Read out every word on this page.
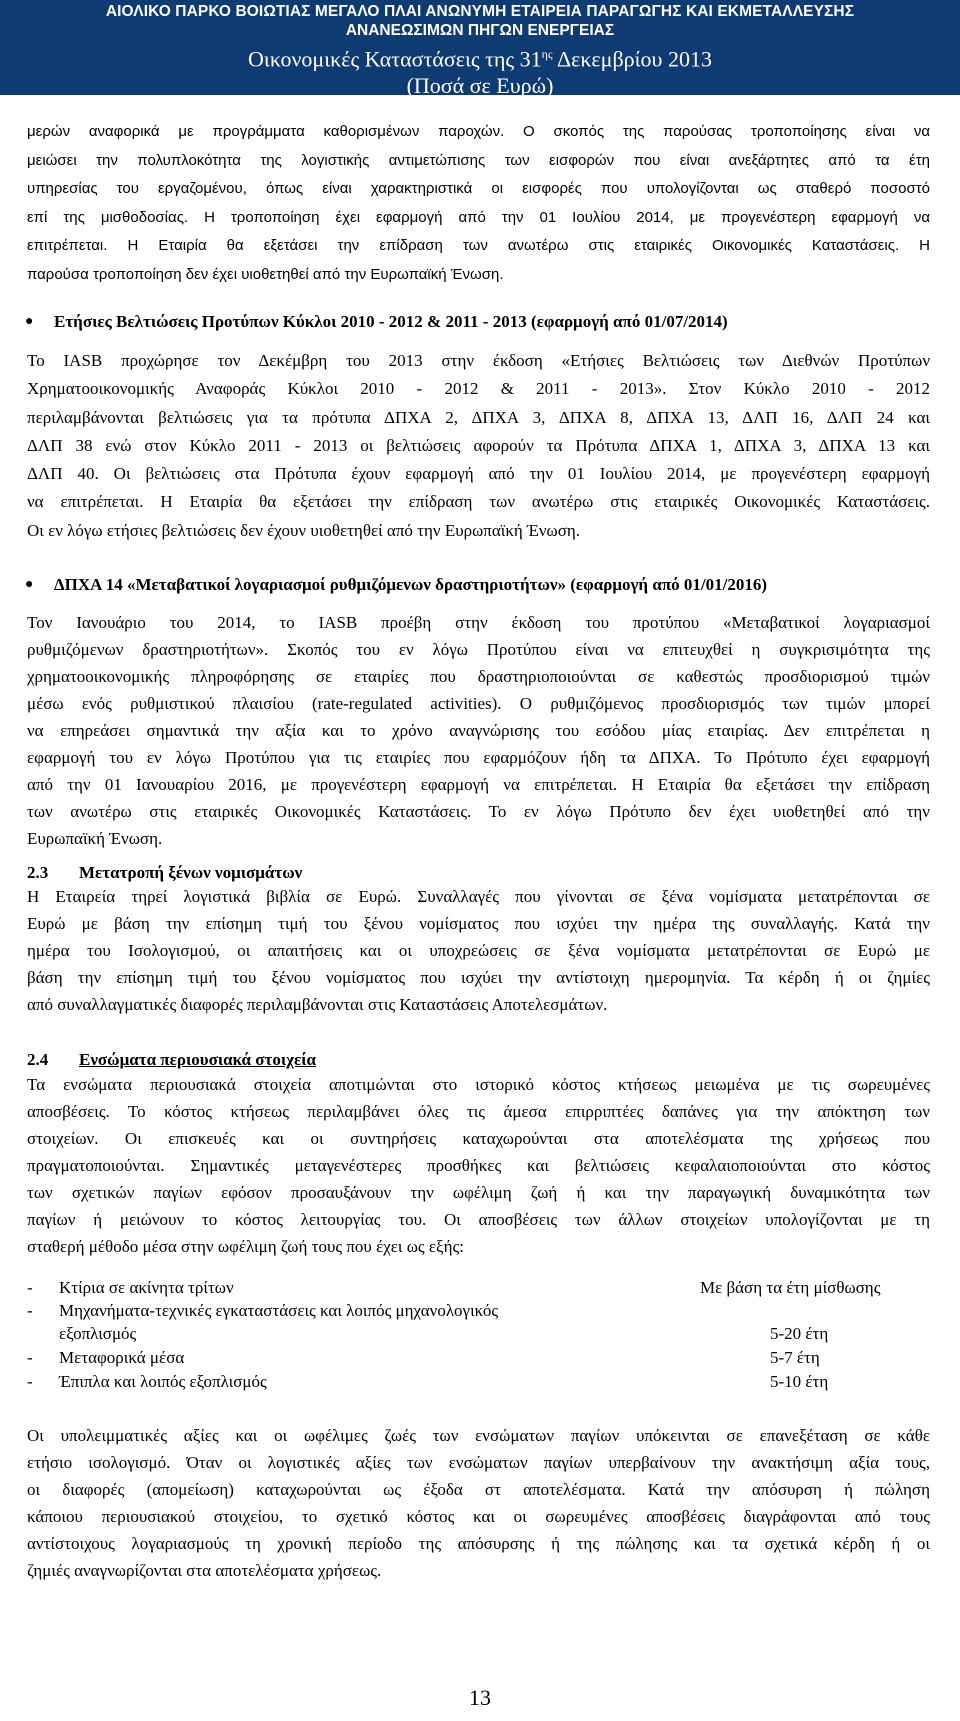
ΑΙΟΛΙΚΟ ΠΑΡΚΟ ΒΟΙΩΤΙΑΣ ΜΕΓΑΛΟ ΠΛΑΙ ΑΝΩΝΥΜΗ ΕΤΑΙΡΕΙΑ ΠΑΡΑΓΩΓΗΣ ΚΑΙ ΕΚΜΕΤΑΛΛΕΥΣΗΣ
ΑΝΑΝΕΩΣΙΜΩΝ ΠΗΓΩΝ ΕΝΕΡΓΕΙΑΣ
Οικονομικές Καταστάσεις της $31^{\eta\varsigma}$ Δεκεμβρίου 2013
(Ποσά σε Ευρώ)

μερών αναφορικά με προγράμματα καθορισμένων παροχών. Ο σκοπός της παρούσας τροποποίησης είναι να

μειώσει την πολυπλοκότητα της λογιστικής αντιμετώπισης των εισφορών που είναι ανεξάρτητες από τα έτη

υπηρεσίας του εργαζομένου, όπως είναι χαρακτηριστικά οι εισφορές που υπολογίζονται ως σταθερό ποσοστό

επί της μισθοδοσίας. Η τροποποίηση έχει εφαρμογή από την 01 Ιουλίου 2014, με προγενέστερη εφαρμογή να

επιτρέπεται. Η Εταιρία θα εξετάσει την επίδραση των ανωτέρω στις εταιρικές Οικονομικές Καταστάσεις. Η

παρούσα τροποποίηση δεν έχει υιοθετηθεί από την Ευρωπαϊκή Ένωση.

● Ετήσιες Βελτιώσεις Προτύπων Κύκλοι 2010 - 2012 & 2011 - 2013 (εφαρμογή από 01/07/2014)

Το IASB προχώρησε τον Δεκέμβρη του 2013 στην έκδοση «Ετήσιες Βελτιώσεις των Διεθνών Προτύπων

Χρηματοοικονομικής Αναφοράς Κύκλοι 2010 - 2012 & 2011 - 2013». Στον Κύκλο 2010 - 2012

περιλαμβάνονται βελτιώσεις για τα πρότυπα ΔΠΧΑ 2, ΔΠΧΑ 3, ΔΠΧΑ 8, ΔΠΧΑ 13, ΔΛΠ 16, ΔΛΠ 24 και

ΔΛΠ 38 ενώ στον Κύκλο 2011 - 2013 οι βελτιώσεις αφορούν τα Πρότυπα ΔΠΧΑ 1, ΔΠΧΑ 3, ΔΠΧΑ 13 και

ΔΛΠ 40. Οι βελτιώσεις στα Πρότυπα έχουν εφαρμογή από την 01 Ιουλίου 2014, με προγενέστερη εφαρμογή

να επιτρέπεται. Η Εταιρία θα εξετάσει την επίδραση των ανωτέρω στις εταιρικές Οικονομικές Καταστάσεις.

Οι εν λόγω ετήσιες βελτιώσεις δεν έχουν υιοθετηθεί από την Ευρωπαϊκή Ένωση.

● ΔΠΧΑ 14 «Μεταβατικοί λογαριασμοί ρυθμιζόμενων δραστηριοτήτων» (εφαρμογή από 01/01/2016)

Τον Ιανουάριο του 2014, το IASB προέβη στην έκδοση του προτύπου «Μεταβατικοί λογαριασμοί

ρυθμιζόμενων δραστηριοτήτων». Σκοπός του εν λόγω Προτύπου είναι να επιτευχθεί η συγκρισιμότητα της

χρηματοοικονομικής πληροφόρησης σε εταιρίες που δραστηριοποιούνται σε καθεστώς προσδιορισμού τιμών

μέσω ενός ρυθμιστικού πλαισίου (rate-regulated activities). Ο ρυθμιζόμενος προσδιορισμός των τιμών μπορεί

να επηρεάσει σημαντικά την αξία και το χρόνο αναγνώρισης του εσόδου μίας εταιρίας. Δεν επιτρέπεται η

εφαρμογή του εν λόγω Προτύπου για τις εταιρίες που εφαρμόζουν ήδη τα ΔΠΧΑ. Το Πρότυπο έχει εφαρμογή

από την 01 Ιανουαρίου 2016, με προγενέστερη εφαρμογή να επιτρέπεται. Η Εταιρία θα εξετάσει την επίδραση

των ανωτέρω στις εταιρικές Οικονομικές Καταστάσεις. Το εν λόγω Πρότυπο δεν έχει υιοθετηθεί από την

Ευρωπαϊκή Ένωση.

2.3 Μετατροπή ξένων νομισμάτων

Η Εταιρεία τηρεί λογιστικά βιβλία σε Ευρώ. Συναλλαγές που γίνονται σε ξένα νομίσματα μετατρέπονται σε

Ευρώ με βάση την επίσημη τιμή του ξένου νομίσματος που ισχύει την ημέρα της συναλλαγής. Κατά την

ημέρα του Ισολογισμού, οι απαιτήσεις και οι υποχρεώσεις σε ξένα νομίσματα μετατρέπονται σε Ευρώ με

βάση την επίσημη τιμή του ξένου νομίσματος που ισχύει την αντίστοιχη ημερομηνία. Τα κέρδη ή οι ζημίες

από συναλλαγματικές διαφορές περιλαμβάνονται στις Καταστάσεις Αποτελεσμάτων.

2.4 Ενσώματα περιουσιακά στοιχεία

Τα ενσώματα περιουσιακά στοιχεία αποτιμώνται στο ιστορικό κόστος κτήσεως μειωμένα με τις σωρευμένες

αποσβέσεις. Το κόστος κτήσεως περιλαμβάνει όλες τις άμεσα επιρριπτέες δαπάνες για την απόκτηση των

στοιχείων. Οι επισκευές και οι συντηρήσεις καταχωρούνται στα αποτελέσματα της χρήσεως που

πραγματοποιούνται. Σημαντικές μεταγενέστερες προσθήκες και βελτιώσεις κεφαλαιοποιούνται στο κόστος

των σχετικών παγίων εφόσον προσαυξάνουν την ωφέλιμη ζωή ή και την παραγωγική δυναμικότητα των

παγίων ή μειώνουν το κόστος λειτουργίας του. Οι αποσβέσεις των άλλων στοιχείων υπολογίζονται με τη

σταθερή μέθοδο μέσα στην ωφέλιμη ζωή τους που έχει ως εξής:

- Κτίρια σε ακίνητα τρίτων	Με βάση τα έτη μίσθωσης
- Μηχανήματα-τεχνικές εγκαταστάσεις και λοιπός μηχανολογικός
εξοπλισμός	5-20 έτη
- Μεταφορικά μέσα	5-7 έτη
- Έπιπλα και λοιπός εξοπλισμός	5-10 έτη

Οι υπολειμματικές αξίες και οι ωφέλιμες ζωές των ενσώματων παγίων υπόκεινται σε επανεξέταση σε κάθε

ετήσιο ισολογισμό. Όταν οι λογιστικές αξίες των ενσώματων παγίων υπερβαίνουν την ανακτήσιμη αξία τους,

οι διαφορές (απομείωση) καταχωρούνται ως έξοδα στ αποτελέσματα. Κατά την απόσυρση ή πώληση

κάποιου περιουσιακού στοιχείου, το σχετικό κόστος και οι σωρευμένες αποσβέσεις διαγράφονται από τους

αντίστοιχους λογαριασμούς τη χρονική περίοδο της απόσυρσης ή της πώλησης και τα σχετικά κέρδη ή οι

ζημιές αναγνωρίζονται στα αποτελέσματα χρήσεως.

13
